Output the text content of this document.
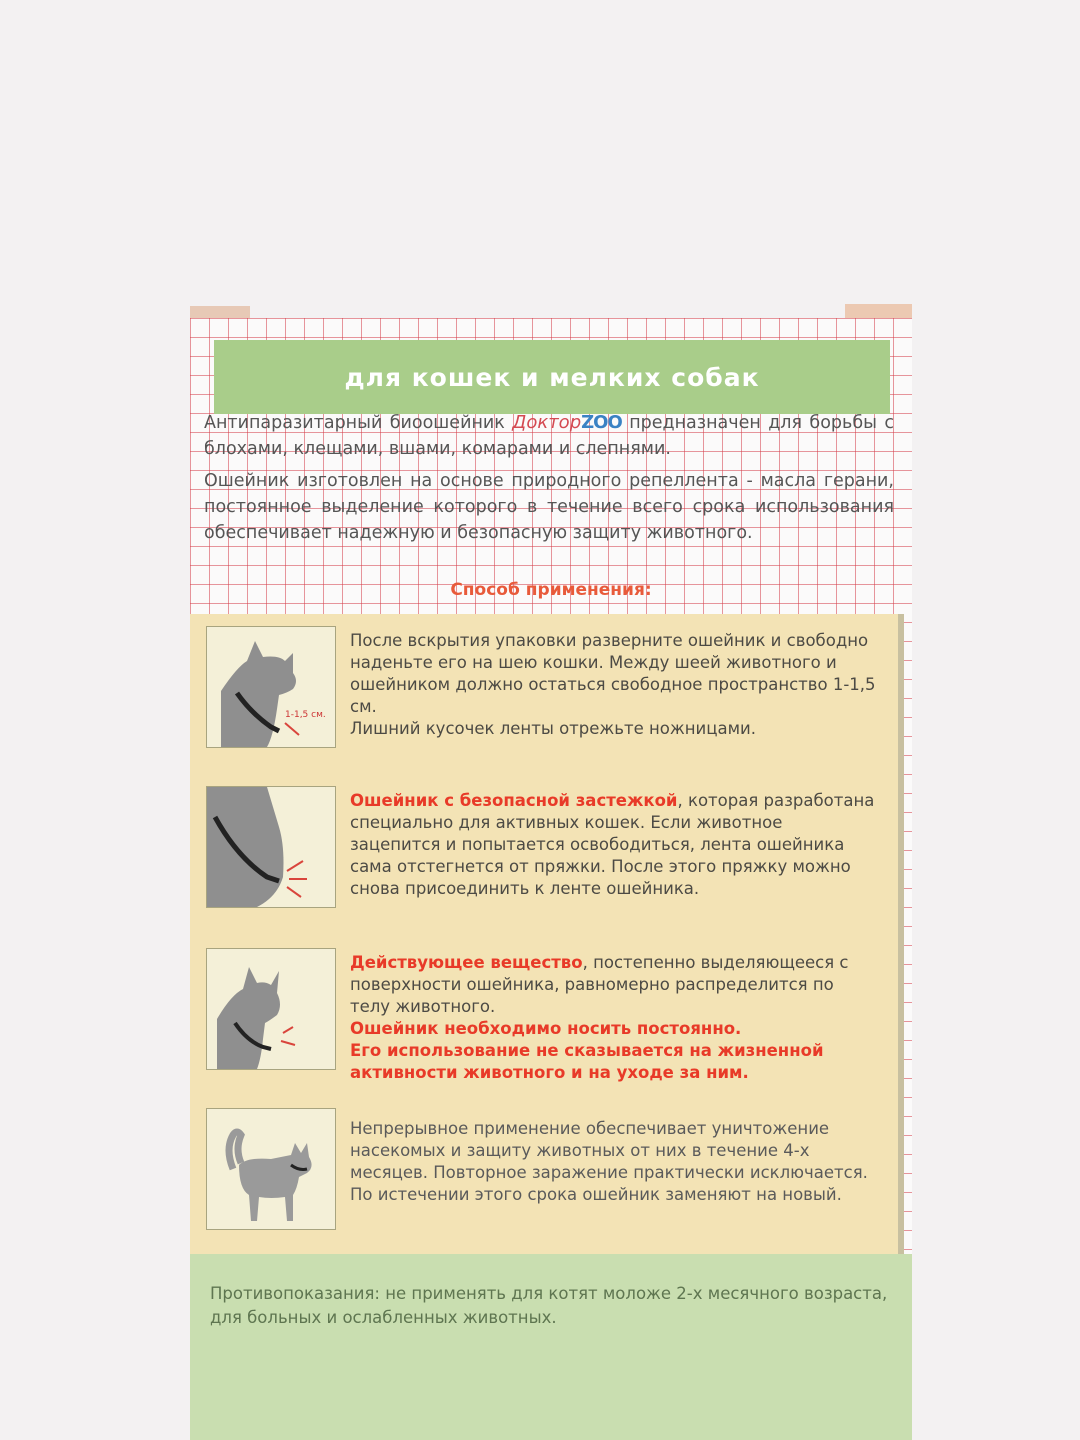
для кошек и мелких собак

Антипаразитарный биоошейник ДокторZOO предназначен для борьбы с блохами, клещами, вшами, комарами и слепнями.

Ошейник изготовлен на основе природного репеллента - масла герани, постоянное выделение которого в течение всего срока использования обеспечивает надежную и безопасную защиту животного.

Способ применения:
1-1,5 см.
После вскрытия упаковки разверните ошейник и свободно наденьте его на шею кошки. Между шеей животного и ошейником должно остаться свободное пространство 1-1,5 см.
Лишний кусочек ленты отрежьте ножницами.
Ошейник с безопасной застежкой, которая разработана специально для активных кошек. Если животное зацепится и попытается освободиться, лента ошейника сама отстегнется от пряжки. После этого пряжку можно снова присоединить к ленте ошейника.
Действующее вещество, постепенно выделяющееся с поверхности ошейника, равномерно распределится по телу животного.
Ошейник необходимо носить постоянно.
Его использование не сказывается на жизненной активности животного и на уходе за ним.
Непрерывное применение обеспечивает уничтожение насекомых и защиту животных от них в течение 4-х месяцев. Повторное заражение практически исключается. По истечении этого срока ошейник заменяют на новый.
Противопоказания: не применять для котят моложе 2-х месячного возраста, для больных и ослабленных животных.
